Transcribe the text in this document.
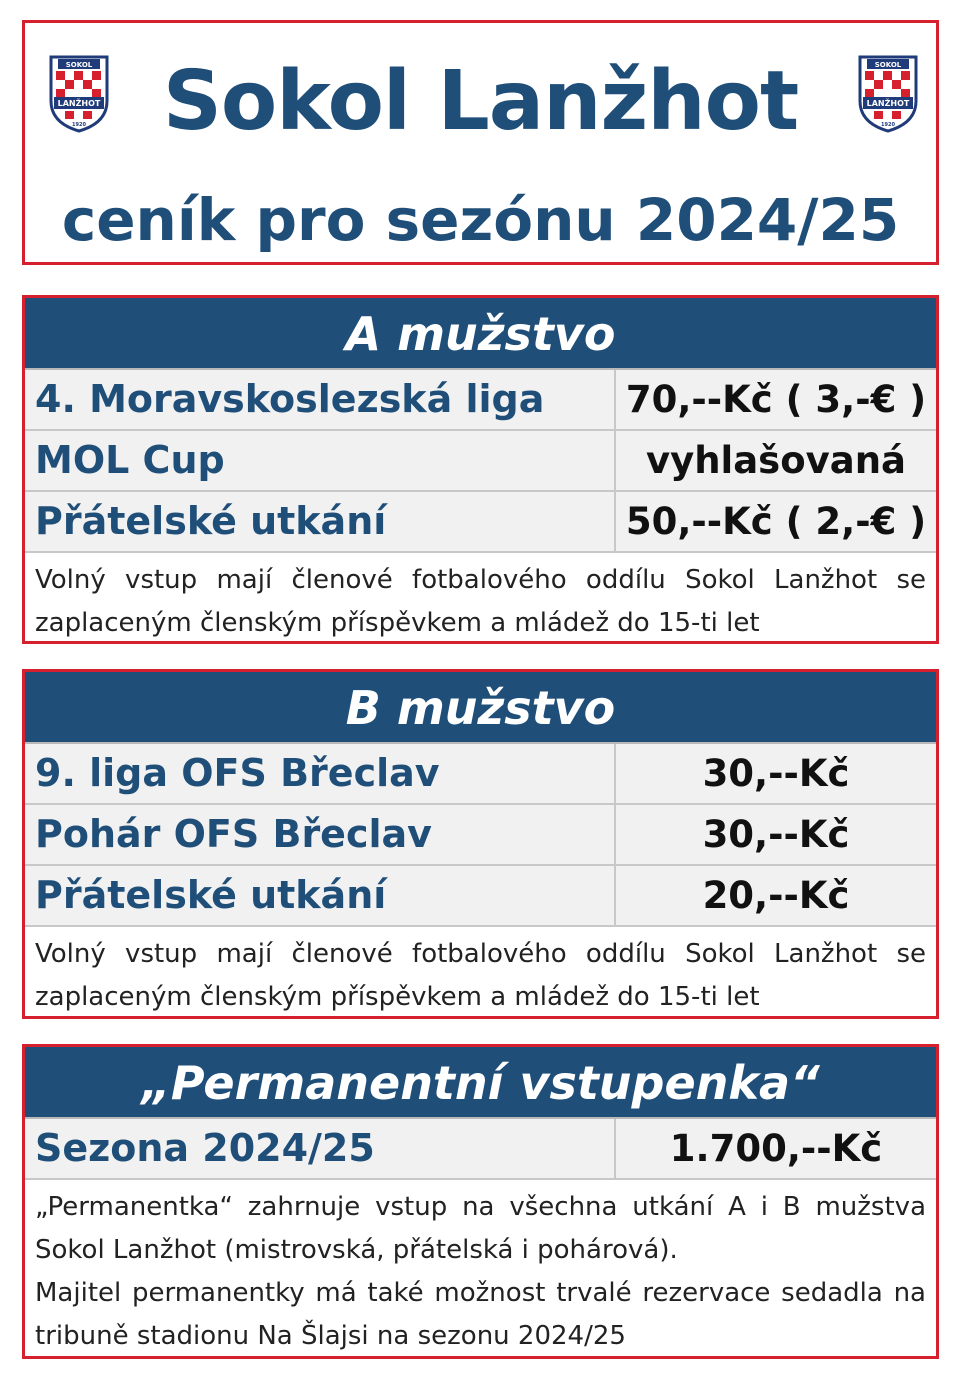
SOKOL
LANŽHOT
1920 Sokol Lanžhot
ceník pro sezónu 2024/25
SOKOL
LANŽHOT
1920
A mužstvo
4. Moravskoslezská liga	70,--Kč ( 3,-€ )
MOL Cup	vyhlašovaná
Přátelské utkání	50,--Kč ( 2,-€ )

Volný vstup mají členové fotbalového oddílu Sokol Lanžhot se zaplaceným členským příspěvkem a mládež do 15-ti let

B mužstvo
9. liga OFS Břeclav	30,--Kč
Pohár OFS Břeclav	30,--Kč
Přátelské utkání	20,--Kč

Volný vstup mají členové fotbalového oddílu Sokol Lanžhot se zaplaceným členským příspěvkem a mládež do 15-ti let

„Permanentní vstupenka“
Sezona 2024/25	1.700,--Kč

„Permanentka“ zahrnuje vstup na všechna utkání A i B mužstva Sokol Lanžhot (mistrovská, přátelská i pohárová).

Majitel permanentky má také možnost trvalé rezervace sedadla na tribuně stadionu Na Šlajsi na sezonu 2024/25
